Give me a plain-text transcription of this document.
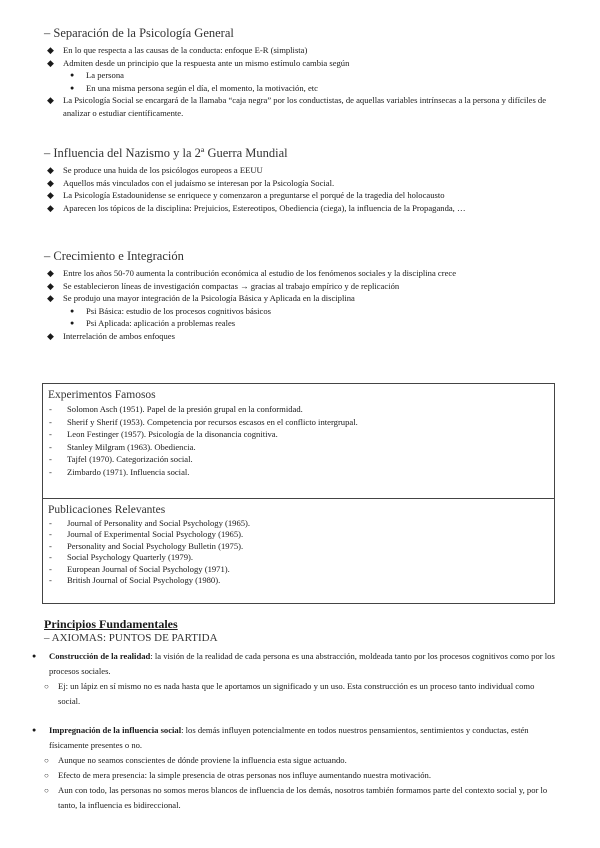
– Separación de la Psicología General
◆ En lo que respecta a las causas de la conducta: enfoque E-R (simplista)
◆ Admiten desde un principio que la respuesta ante un mismo estímulo cambia según
● La persona
● En una misma persona según el día, el momento, la motivación, etc
◆ La Psicología Social se encargará de la llamaba “caja negra” por los conductistas, de aquellas variables intrínsecas a la persona y difíciles de analizar o estudiar científicamente.
– Influencia del Nazismo y la 2ª Guerra Mundial
◆ Se produce una huida de los psicólogos europeos a EEUU
◆ Aquellos más vinculados con el judaísmo se interesan por la Psicología Social.
◆ La Psicología Estadounidense se enriquece y comenzaron a preguntarse el porqué de la tragedia del holocausto
◆ Aparecen los tópicos de la disciplina: Prejuicios, Estereotipos, Obediencia (ciega), la influencia de la Propaganda, …
– Crecimiento e Integración
◆ Entre los años 50-70 aumenta la contribución económica al estudio de los fenómenos sociales y la disciplina crece
◆ Se establecieron líneas de investigación compactas → gracias al trabajo empírico y de replicación
◆ Se produjo una mayor integración de la Psicología Básica y Aplicada en la disciplina
● Psi Básica: estudio de los procesos cognitivos básicos
● Psi Aplicada: aplicación a problemas reales
◆ Interrelación de ambos enfoques
Experimentos Famosos
- Solomon Asch (1951). Papel de la presión grupal en la conformidad.
- Sherif y Sherif (1953). Competencia por recursos escasos en el conflicto intergrupal.
- Leon Festinger (1957). Psicología de la disonancia cognitiva.
- Stanley Milgram (1963). Obediencia.
- Tajfel (1970). Categorización social.
- Zimbardo (1971). Influencia social.
Publicaciones Relevantes
- Journal of Personality and Social Psychology (1965).
- Journal of Experimental Social Psychology (1965).
- Personality and Social Psychology Bulletin (1975).
- Social Psychology Quarterly (1979).
- European Journal of Social Psychology (1971).
- British Journal of Social Psychology (1980).
Principios Fundamentales
– AXIOMAS: PUNTOS DE PARTIDA
● Construcción de la realidad: la visión de la realidad de cada persona es una abstracción, moldeada tanto por los procesos cognitivos como por los procesos sociales.
○ Ej: un lápiz en sí mismo no es nada hasta que le aportamos un significado y un uso. Esta construcción es un proceso tanto individual como social.
● Impregnación de la influencia social: los demás influyen potencialmente en todos nuestros pensamientos, sentimientos y conductas, estén físicamente presentes o no.
○ Aunque no seamos conscientes de dónde proviene la influencia esta sigue actuando.
○ Efecto de mera presencia: la simple presencia de otras personas nos influye aumentando nuestra motivación.
○ Aun con todo, las personas no somos meros blancos de influencia de los demás, nosotros también formamos parte del contexto social y, por lo tanto, la influencia es bidireccional.
